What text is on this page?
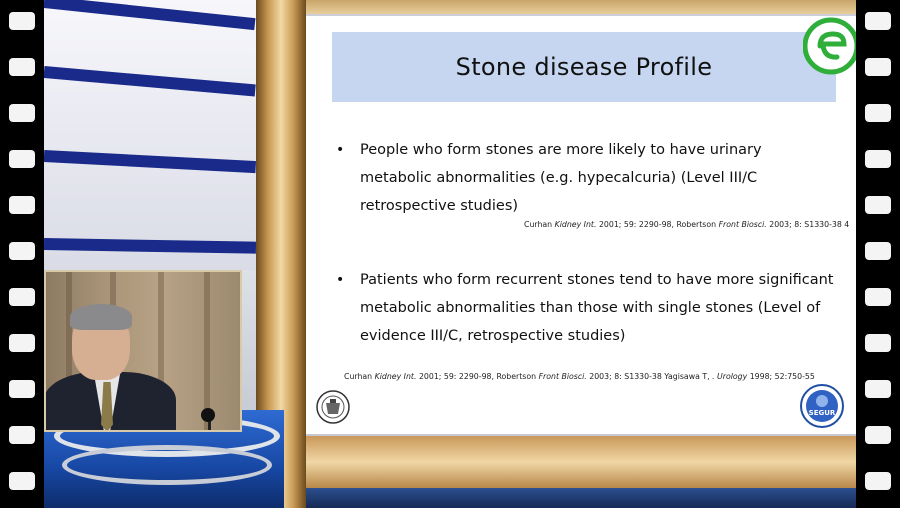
Stone disease Profile
• People who form stones are more likely to have urinary metabolic abnormalities (e.g. hypecalcuria) (Level III/C retrospective studies)
Curhan Kidney Int. 2001; 59: 2290-98, Robertson Front Biosci. 2003; 8: S1330-38 4
• Patients who form recurrent stones tend to have more significant metabolic abnormalities than those with single stones (Level of evidence III/C, retrospective studies)
Curhan Kidney Int. 2001; 59: 2290-98, Robertson Front Biosci. 2003; 8: S1330-38 Yagisawa T, . Urology 1998; 52:750-55
SEGUR
